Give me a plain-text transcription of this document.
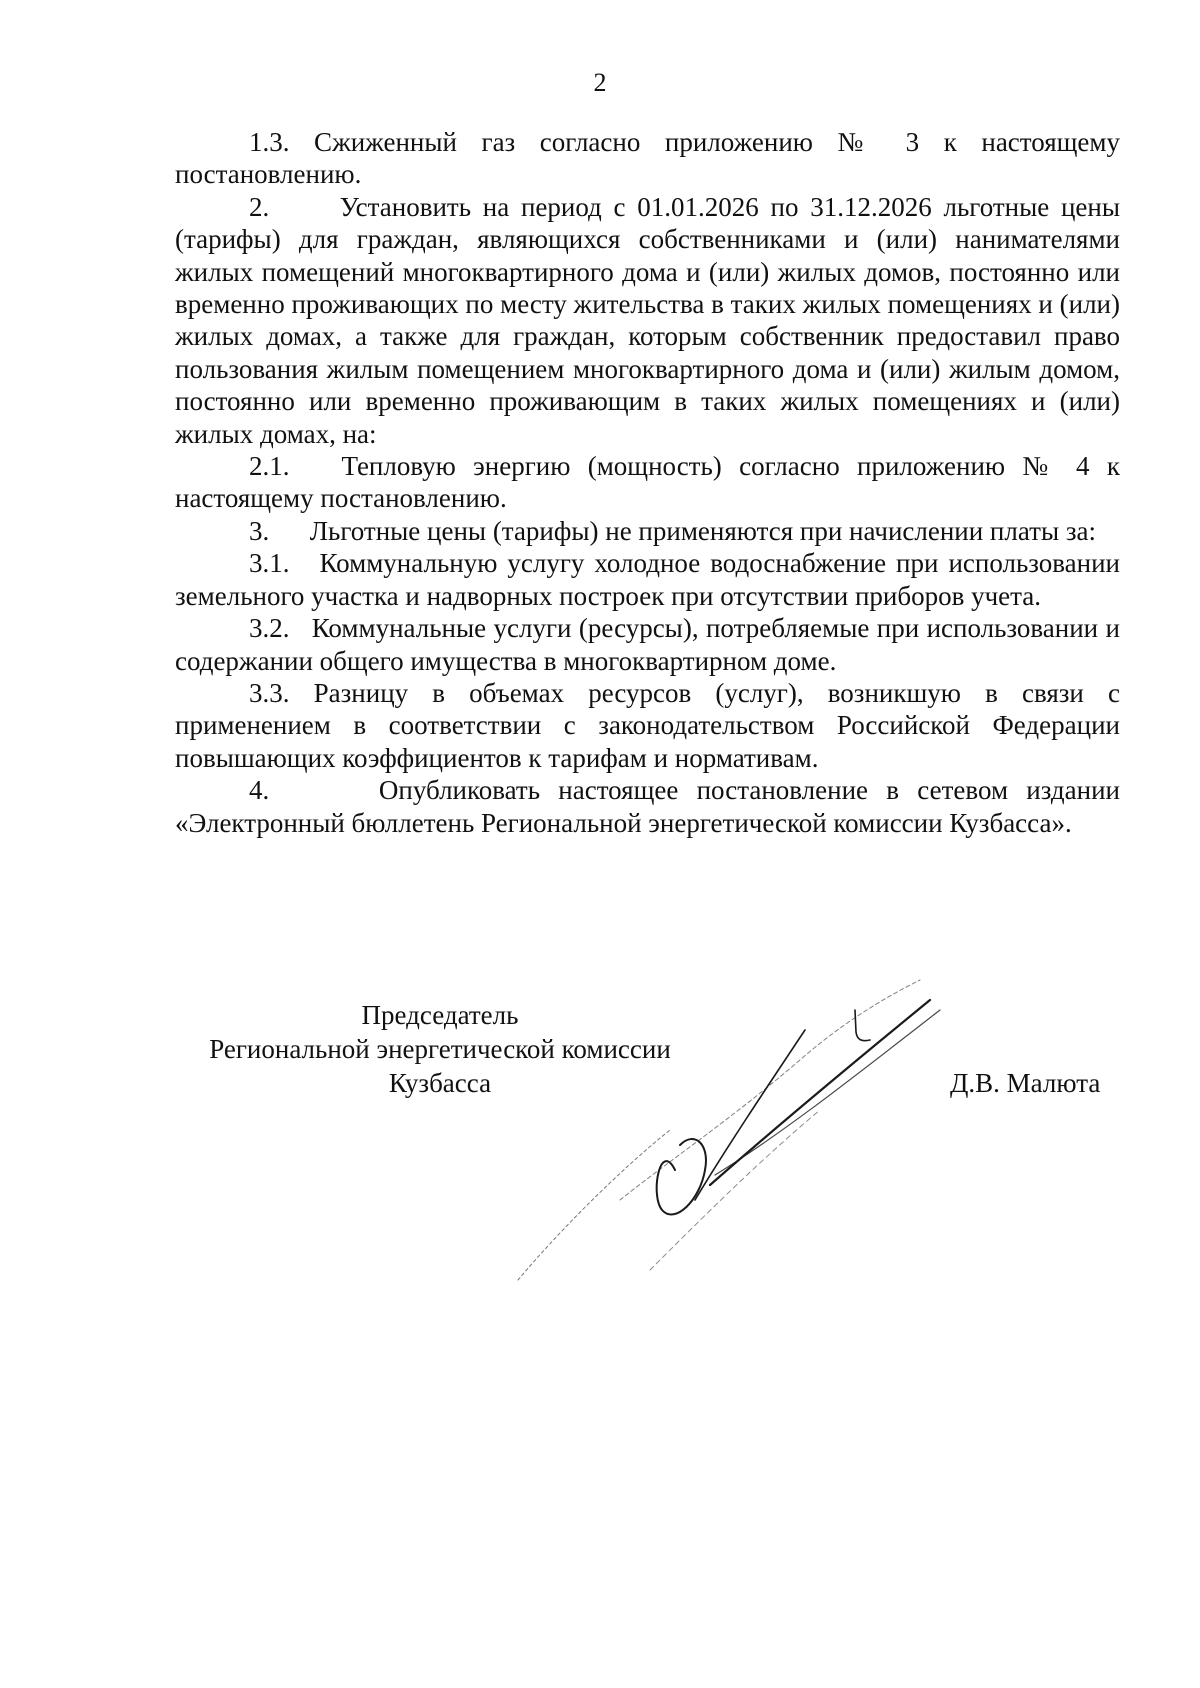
2

1.3. Сжиженный газ согласно приложению № 3 к настоящему постановлению.

2.      Установить на период с 01.01.2026 по 31.12.2026 льготные цены (тарифы) для граждан, являющихся собственниками и (или) нанимателями жилых помещений многоквартирного дома и (или) жилых домов, постоянно или временно проживающих по месту жительства в таких жилых помещениях и (или) жилых домах, а также для граждан, которым собственник предоставил право пользования жилым помещением многоквартирного дома и (или) жилым домом, постоянно или временно проживающим в таких жилых помещениях и (или) жилых домах, на:

2.1.   Тепловую энергию (мощность) согласно приложению № 4 к настоящему постановлению.

3.      Льготные цены (тарифы) не применяются при начислении платы за:

3.1.   Коммунальную услугу холодное водоснабжение при использовании земельного участка и надворных построек при отсутствии приборов учета.

3.2.   Коммунальные услуги (ресурсы), потребляемые при использовании и содержании общего имущества в многоквартирном доме.

3.3. Разницу в объемах ресурсов (услуг), возникшую в связи с применением в соответствии с законодательством Российской Федерации повышающих коэффициентов к тарифам и нормативам.

4.      Опубликовать настоящее постановление в сетевом издании «Электронный бюллетень Региональной энергетической комиссии Кузбасса».

Председатель
Региональной энергетической комиссии
Кузбасса	Д.В. Малюта
